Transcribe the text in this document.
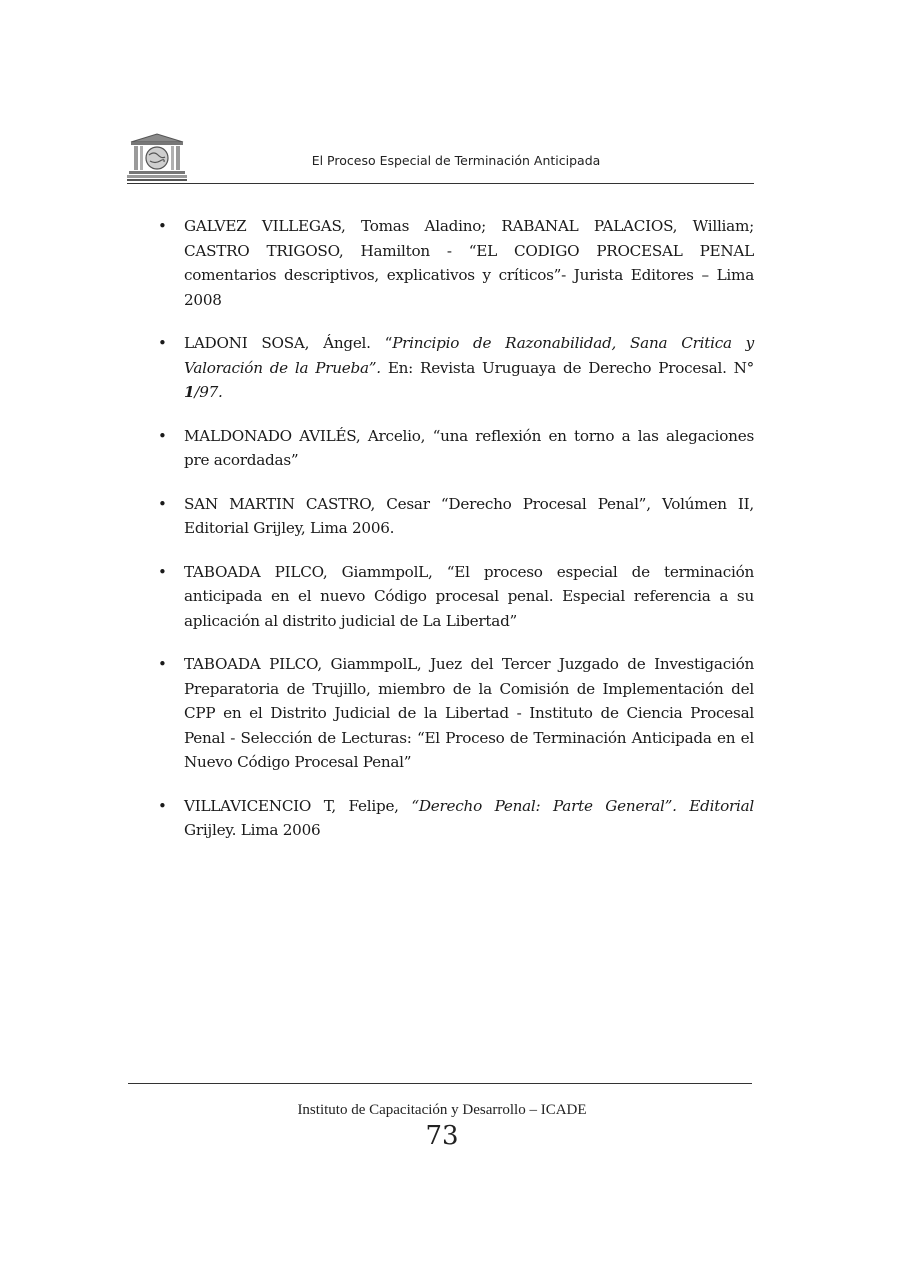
El Proceso Especial de Terminación Anticipada
• GALVEZ VILLEGAS, Tomas Aladino; RABANAL PALACIOS, William; CASTRO TRIGOSO, Hamilton - “EL CODIGO PROCESAL PENAL comentarios descriptivos, explicativos y críticos”- Jurista Editores – Lima 2008
• LADONI SOSA, Ángel. “Principio de Razonabilidad, Sana Critica y Valoración de la Prueba”. En: Revista Uruguaya de Derecho Procesal. N° 1/97.
• MALDONADO AVILÉS, Arcelio, “una reflexión en torno a las alegaciones pre acordadas”
• SAN MARTIN CASTRO, Cesar “Derecho Procesal Penal”, Volúmen II, Editorial Grijley, Lima 2006.
• TABOADA PILCO, GiammpolL, “El proceso especial de terminación anticipada en el nuevo Código procesal penal. Especial referencia a su aplicación al distrito judicial de La Libertad”
• TABOADA PILCO, GiammpolL, Juez del Tercer Juzgado de Investigación Preparatoria de Trujillo, miembro de la Comisión de Implementación del CPP en el Distrito Judicial de la Libertad - Instituto de Ciencia Procesal Penal - Selección de Lecturas: “El Proceso de Terminación Anticipada en el Nuevo Código Procesal Penal”
• VILLAVICENCIO T, Felipe, “Derecho Penal: Parte General”. Editorial Grijley. Lima 2006
Instituto de Capacitación y Desarrollo – ICADE
73
